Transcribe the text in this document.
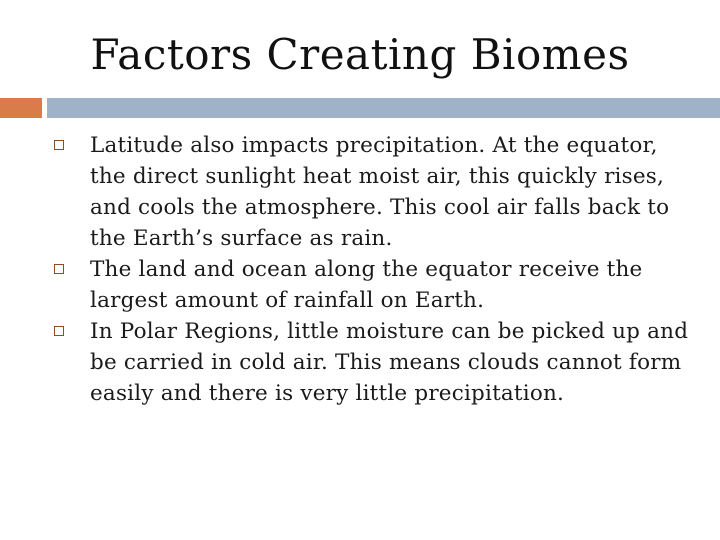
Factors Creating Biomes
Latitude also impacts precipitation. At the equator, the direct sunlight heat moist air, this quickly rises, and cools the atmosphere. This cool air falls back to the Earth’s surface as rain.
The land and ocean along the equator receive the largest amount of rainfall on Earth.
In Polar Regions, little moisture can be picked up and be carried in cold air. This means clouds cannot form easily and there is very little precipitation.
